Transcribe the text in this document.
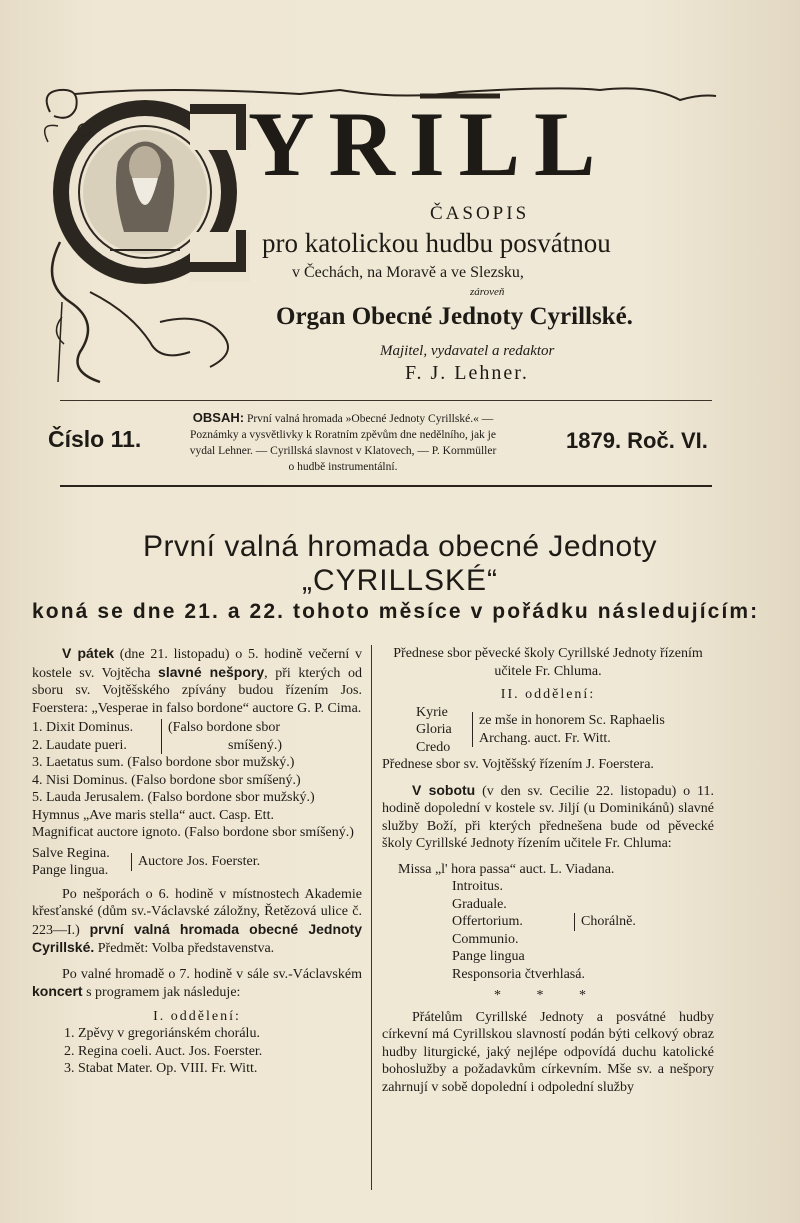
YRILL
ČASOPIS
pro katolickou hudbu posvátnou
v Čechách, na Moravě a ve Slezsku,
zároveň
Organ Obecné Jednoty Cyrillské.
Majitel, vydavatel a redaktor
F. J. Lehner.
Číslo 11.
OBSAH: První valná hromada »Obecné Jednoty Cyrillské.« —
Poznámky a vysvětlivky k Roratním zpěvům dne nedělního, jak je
vydal Lehner. — Cyrillská slavnost v Klatovech, — P. Kornmüller
o hudbě instrumentální.
1879. Roč. VI.
První valná hromada obecné Jednoty
„CYRILLSKÉ“
koná se dne 21. a 22. tohoto měsíce v pořádku následujícím:

V pátek (dne 21. listopadu) o 5. hodině večerní v kostele sv. Vojtěcha slavné nešpory, při kterých od sboru sv. Vojtěšského zpívány budou řízením Jos. Foerstera: „Vesperae in falso bordone“ auctore G. P. Cima.

1. Dixit Dominus.
2. Laudate pueri.
(Falso bordone sbor
smíšený.)
3. Laetatus sum. (Falso bordone sbor mužský.)
4. Nisi Dominus. (Falso bordone sbor smíšený.)
5. Lauda Jerusalem. (Falso bordone sbor mužský.)
Hymnus „Ave maris stella“ auct. Casp. Ett.
Magnificat auctore ignoto. (Falso bordone sbor smíšený.)
Salve Regina.
Pange lingua.
Auctore Jos. Foerster.

Po nešporách o 6. hodině v místnostech Akademie křesťanské (dům sv.-Václavské záložny, Řetězová ulice č. 223—I.) první valná hromada obecné Jednoty Cyrillské. Předmět: Volba představenstva.

Po valné hromadě o 7. hodině v sále sv.-Václavském koncert s programem jak následuje:

I. oddělení:
1. Zpěvy v gregoriánském chorálu.
2. Regina coeli. Auct. Jos. Foerster.
3. Stabat Mater. Op. VIII. Fr. Witt.

Přednese sbor pěvecké školy Cyrillské Jednoty řízením učitele Fr. Chluma.

II. oddělení:
Kyrie
Gloria
Credo
ze mše in honorem Sc. Raphaelis Archang. auct. Fr. Witt.
Přednese sbor sv. Vojtěšský řízením J. Foerstera.

V sobotu (v den sv. Cecilie 22. listopadu) o 11. hodině dopolední v kostele sv. Jiljí (u Dominikánů) slavné služby Boží, při kterých přednešena bude od pěvecké školy Cyrillské Jednoty řízením učitele Fr. Chluma:

Missa „l' hora passa“ auct. L. Viadana.
Introitus.
Graduale.
Offertorium.
Communio.
Pange lingua
Chorálně.
Responsoria čtverhlasá.
* * *

Přátelům Cyrillské Jednoty a posvátné hudby církevní má Cyrillskou slavností podán býti celkový obraz hudby liturgické, jaký nejlépe odpovídá duchu katolické bohoslužby a požadavkům církevním. Mše sv. a nešpory zahrnují v sobě dopolední i odpolední služby
